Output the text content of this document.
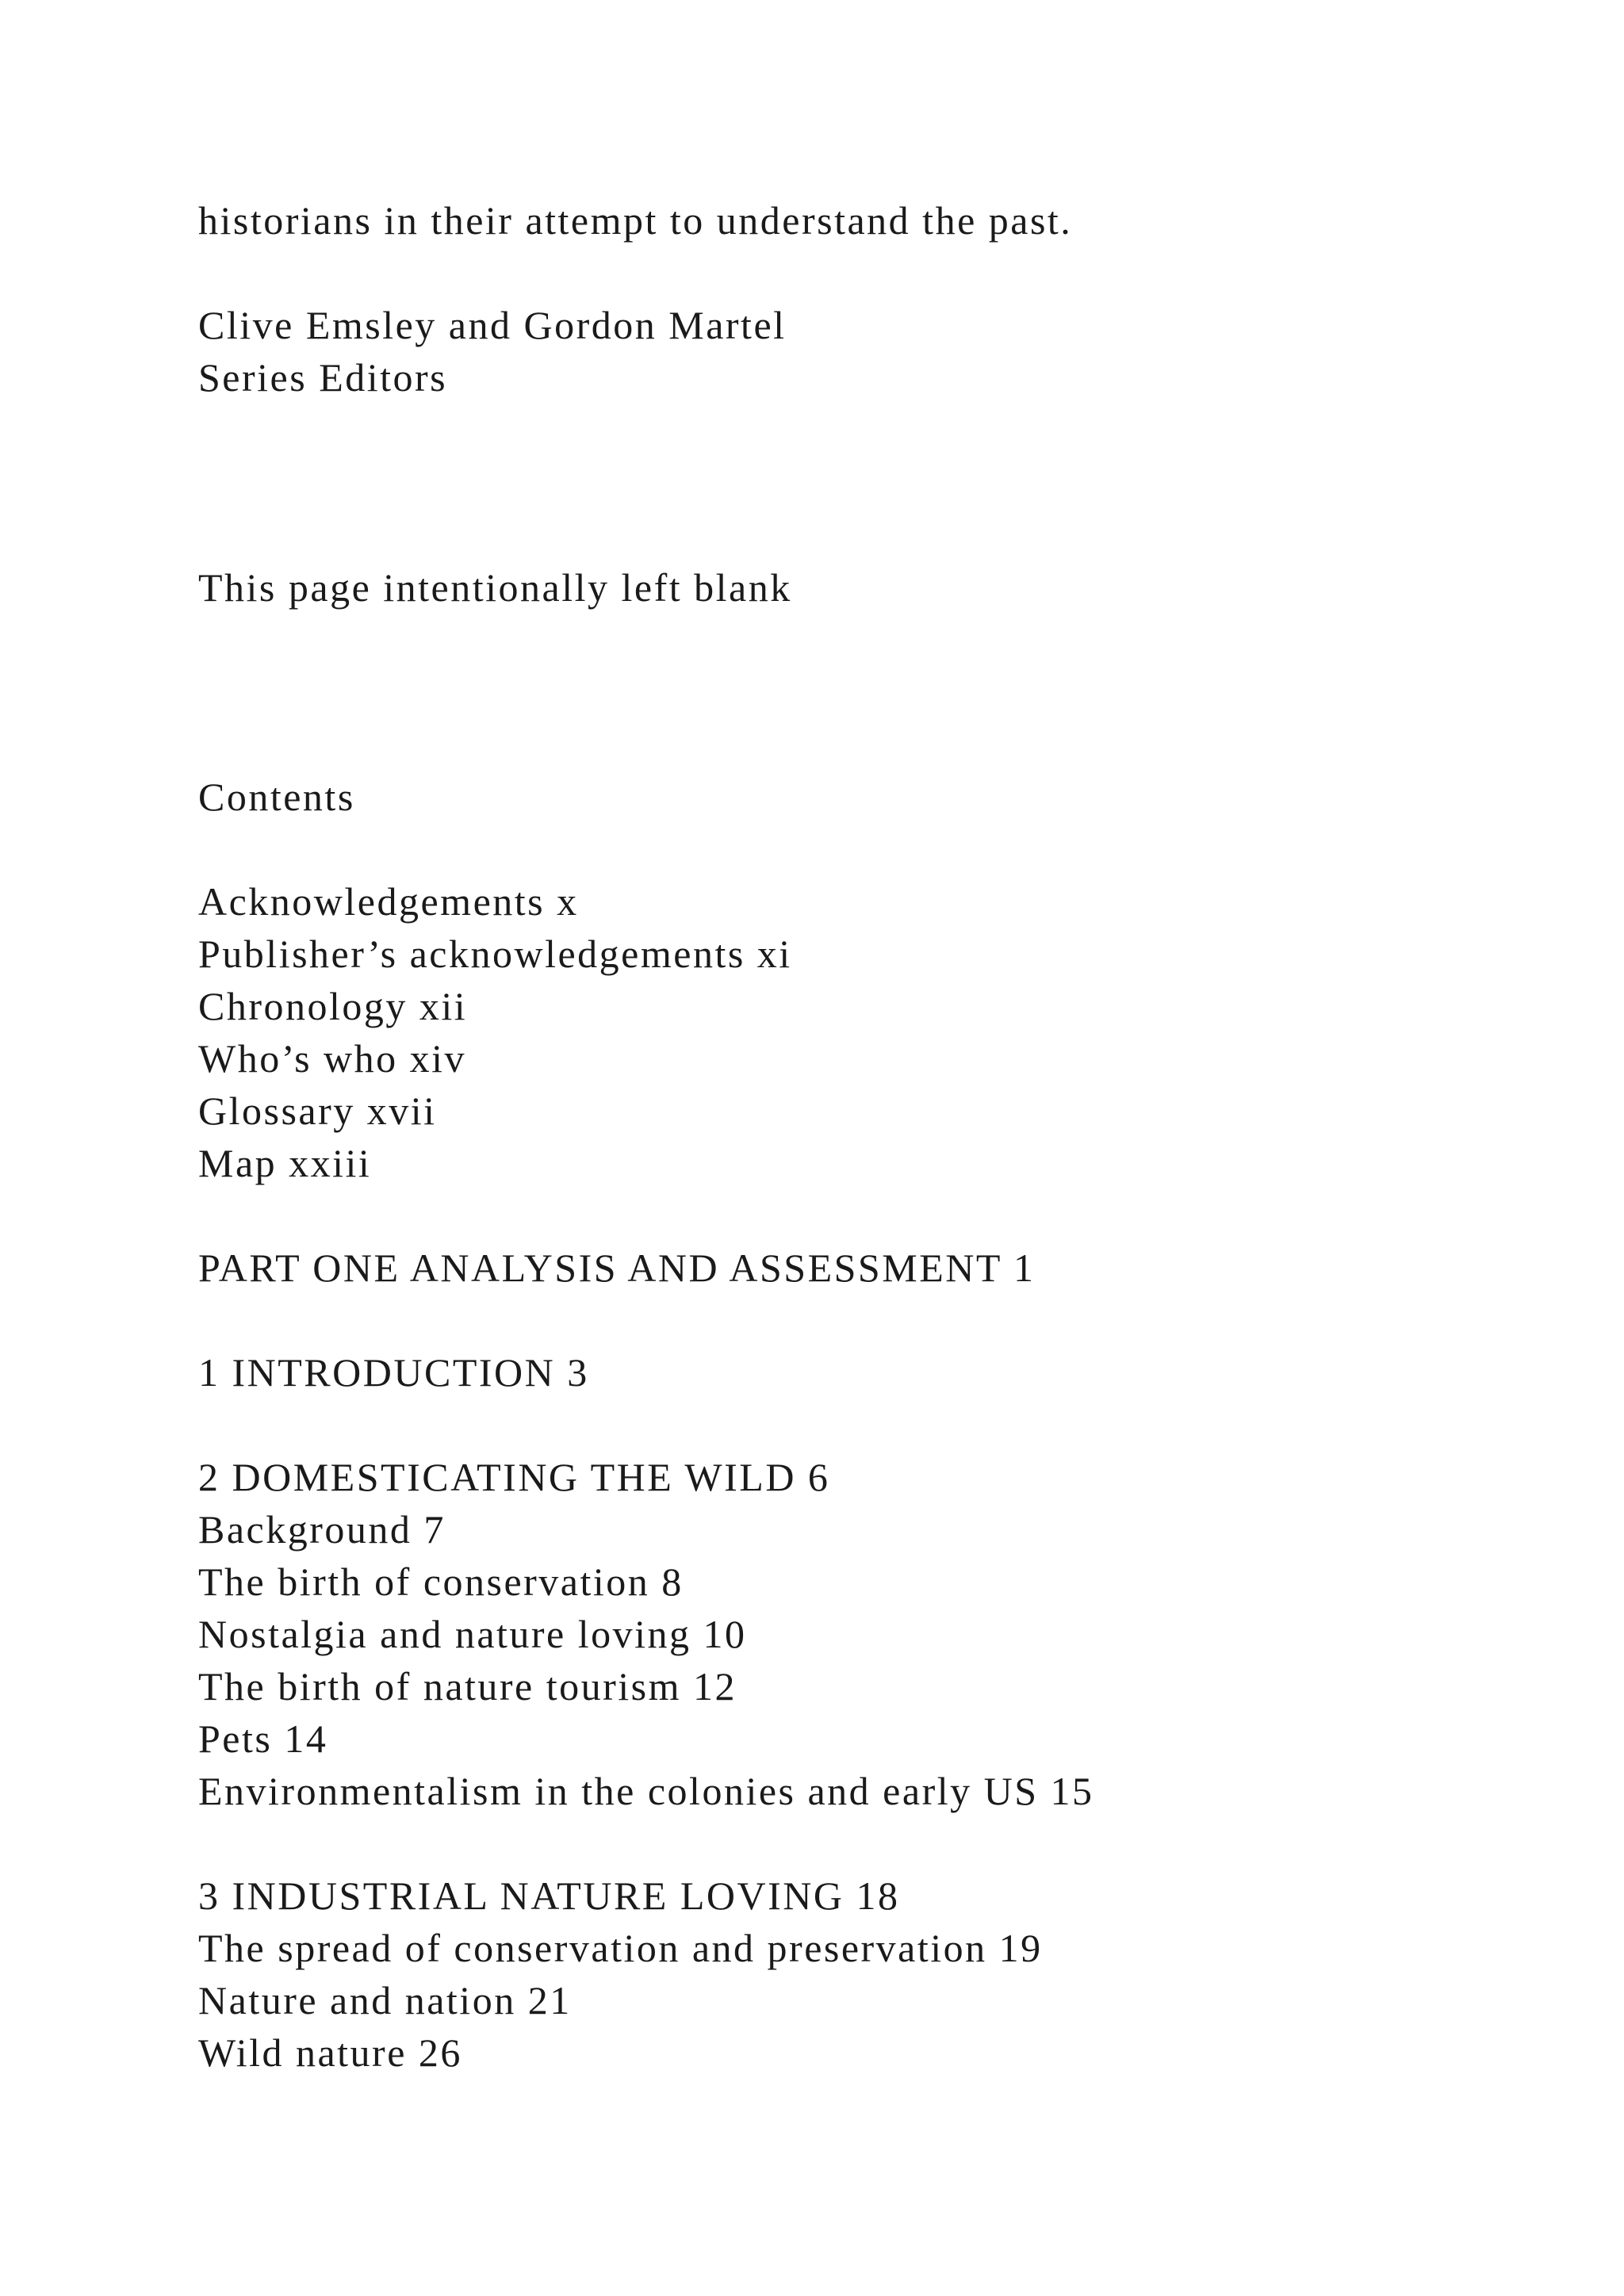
historians in their attempt to understand the past.

Clive Emsley and Gordon Martel

Series Editors

This page intentionally left blank

Contents

Acknowledgements x

Publisher’s acknowledgements xi

Chronology xii

Who’s who xiv

Glossary xvii

Map xxiii

PART ONE ANALYSIS AND ASSESSMENT 1

1 INTRODUCTION 3

2 DOMESTICATING THE WILD 6

Background 7

The birth of conservation 8

Nostalgia and nature loving 10

The birth of nature tourism 12

Pets 14

Environmentalism in the colonies and early US 15

3 INDUSTRIAL NATURE LOVING 18

The spread of conservation and preservation 19

Nature and nation 21

Wild nature 26
